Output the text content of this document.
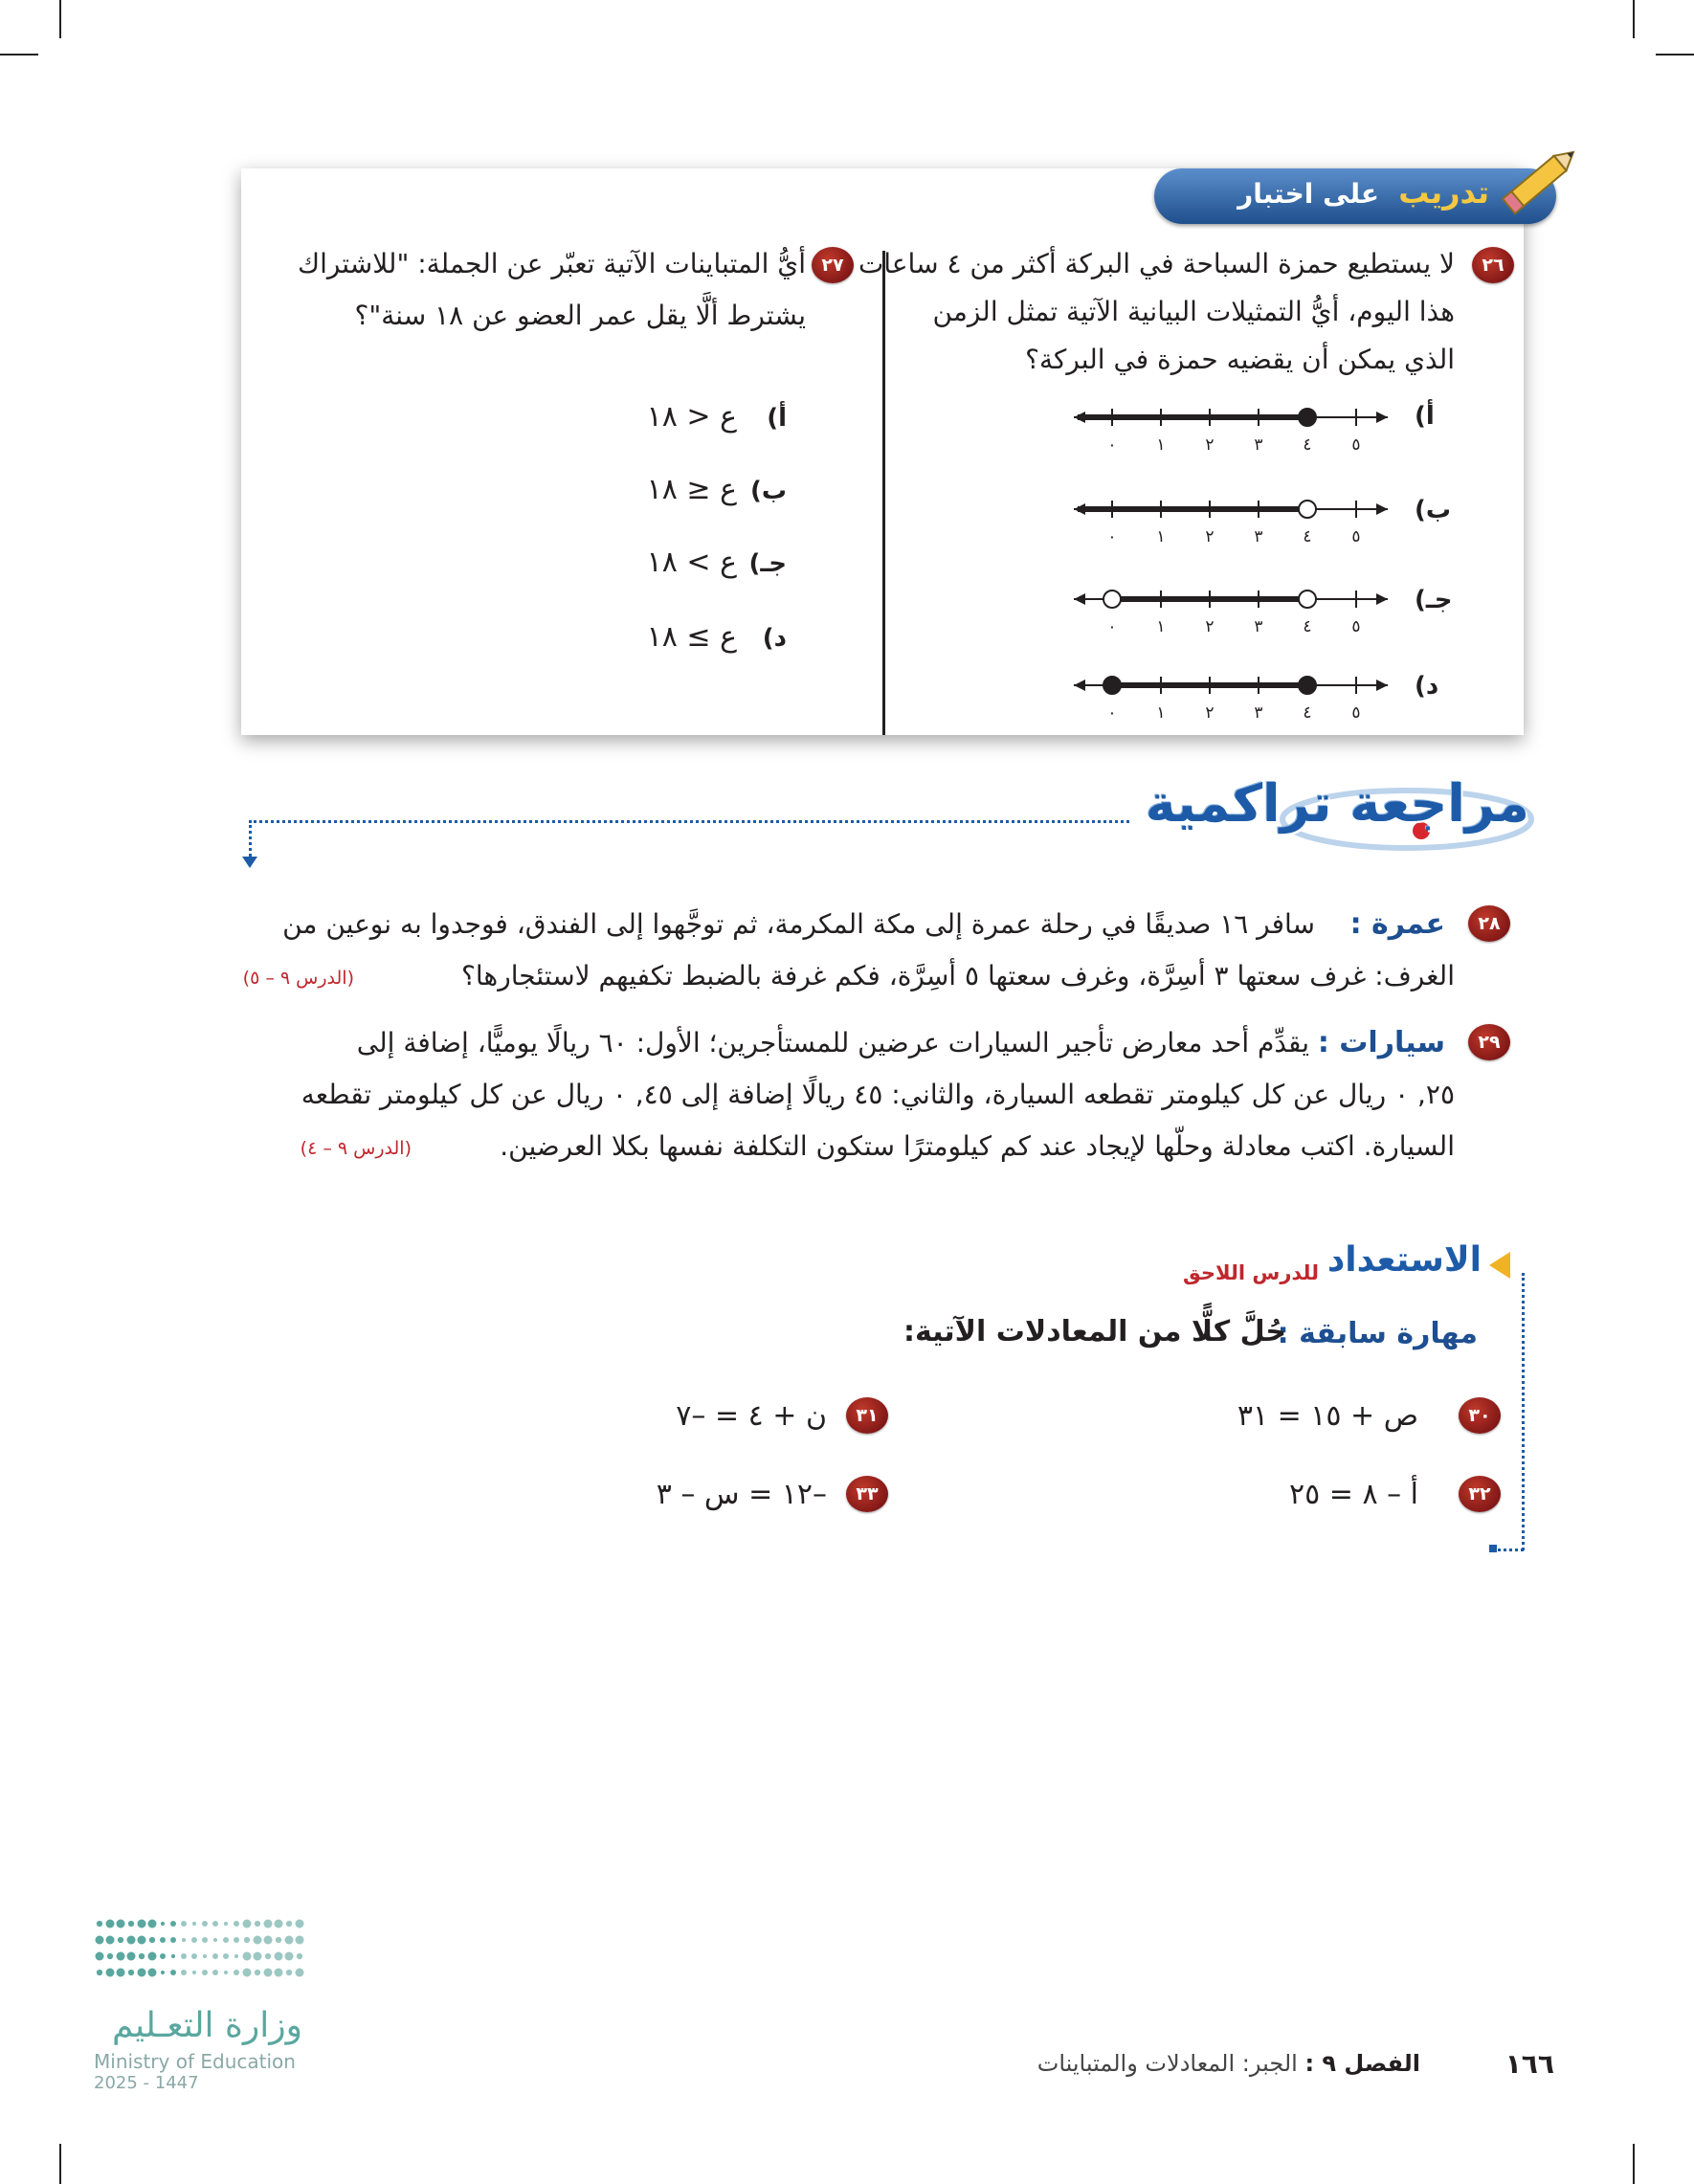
تدريب
على اختبار
٢٦
لا يستطيع حمزة السباحة في البركة أكثر من ٤ ساعات
هذا اليوم، أيُّ التمثيلات البيانية الآتية تمثل الزمن
الذي يمكن أن يقضيه حمزة في البركة؟
أ)
ب)
جـ)
د)
٠ ١ ٢ ٣ ٤ ٥
٠ ١ ٢ ٣ ٤ ٥
٠ ١ ٢ ٣ ٤ ٥
٠ ١ ٢ ٣ ٤ ٥
٢٧
أيُّ المتباينات الآتية تعبّر عن الجملة: "للاشتراك
يشترط ألَّا يقل عمر العضو عن ١٨ سنة"؟
أ)
ع < ١٨
ب)
ع ≤ ١٨
جـ)
ع > ١٨
د)
ع ≥ ١٨
مراجعة تراكمية
٢٨
عمرة :
سافر ١٦ صديقًا في رحلة عمرة إلى مكة المكرمة، ثم توجَّهوا إلى الفندق، فوجدوا به نوعين من
الغرف: غرف سعتها ٣ أسِرَّة، وغرف سعتها ٥ أسِرَّة، فكم غرفة بالضبط تكفيهم لاستئجارها؟
(الدرس ٩ – ٥)
٢٩
سيارات :
يقدِّم أحد معارض تأجير السيارات عرضين للمستأجرين؛ الأول: ٦٠ ريالًا يوميًّا، إضافة إلى
٢٥, ٠ ريال عن كل كيلومتر تقطعه السيارة، والثاني: ٤٥ ريالًا إضافة إلى ٤٥, ٠ ريال عن كل كيلومتر تقطعه
السيارة. اكتب معادلة وحلّها لإيجاد عند كم كيلومترًا ستكون التكلفة نفسها بكلا العرضين.
(الدرس ٩ – ٤)
الاستعداد
للدرس اللاحق
مهارة سابقة :
حُلَّ كلًّا من المعادلات الآتية:
٣٠
ص + ١٥ = ٣١
٣١
ن + ٤ = –٧
٣٢
أ – ٨ = ٢٥
٣٣
–١٢ = س – ٣
وزارة التعـليم
Ministry of Education
2025 - 1447
١٦٦
الفصل ٩ : الجبر: المعادلات والمتباينات
